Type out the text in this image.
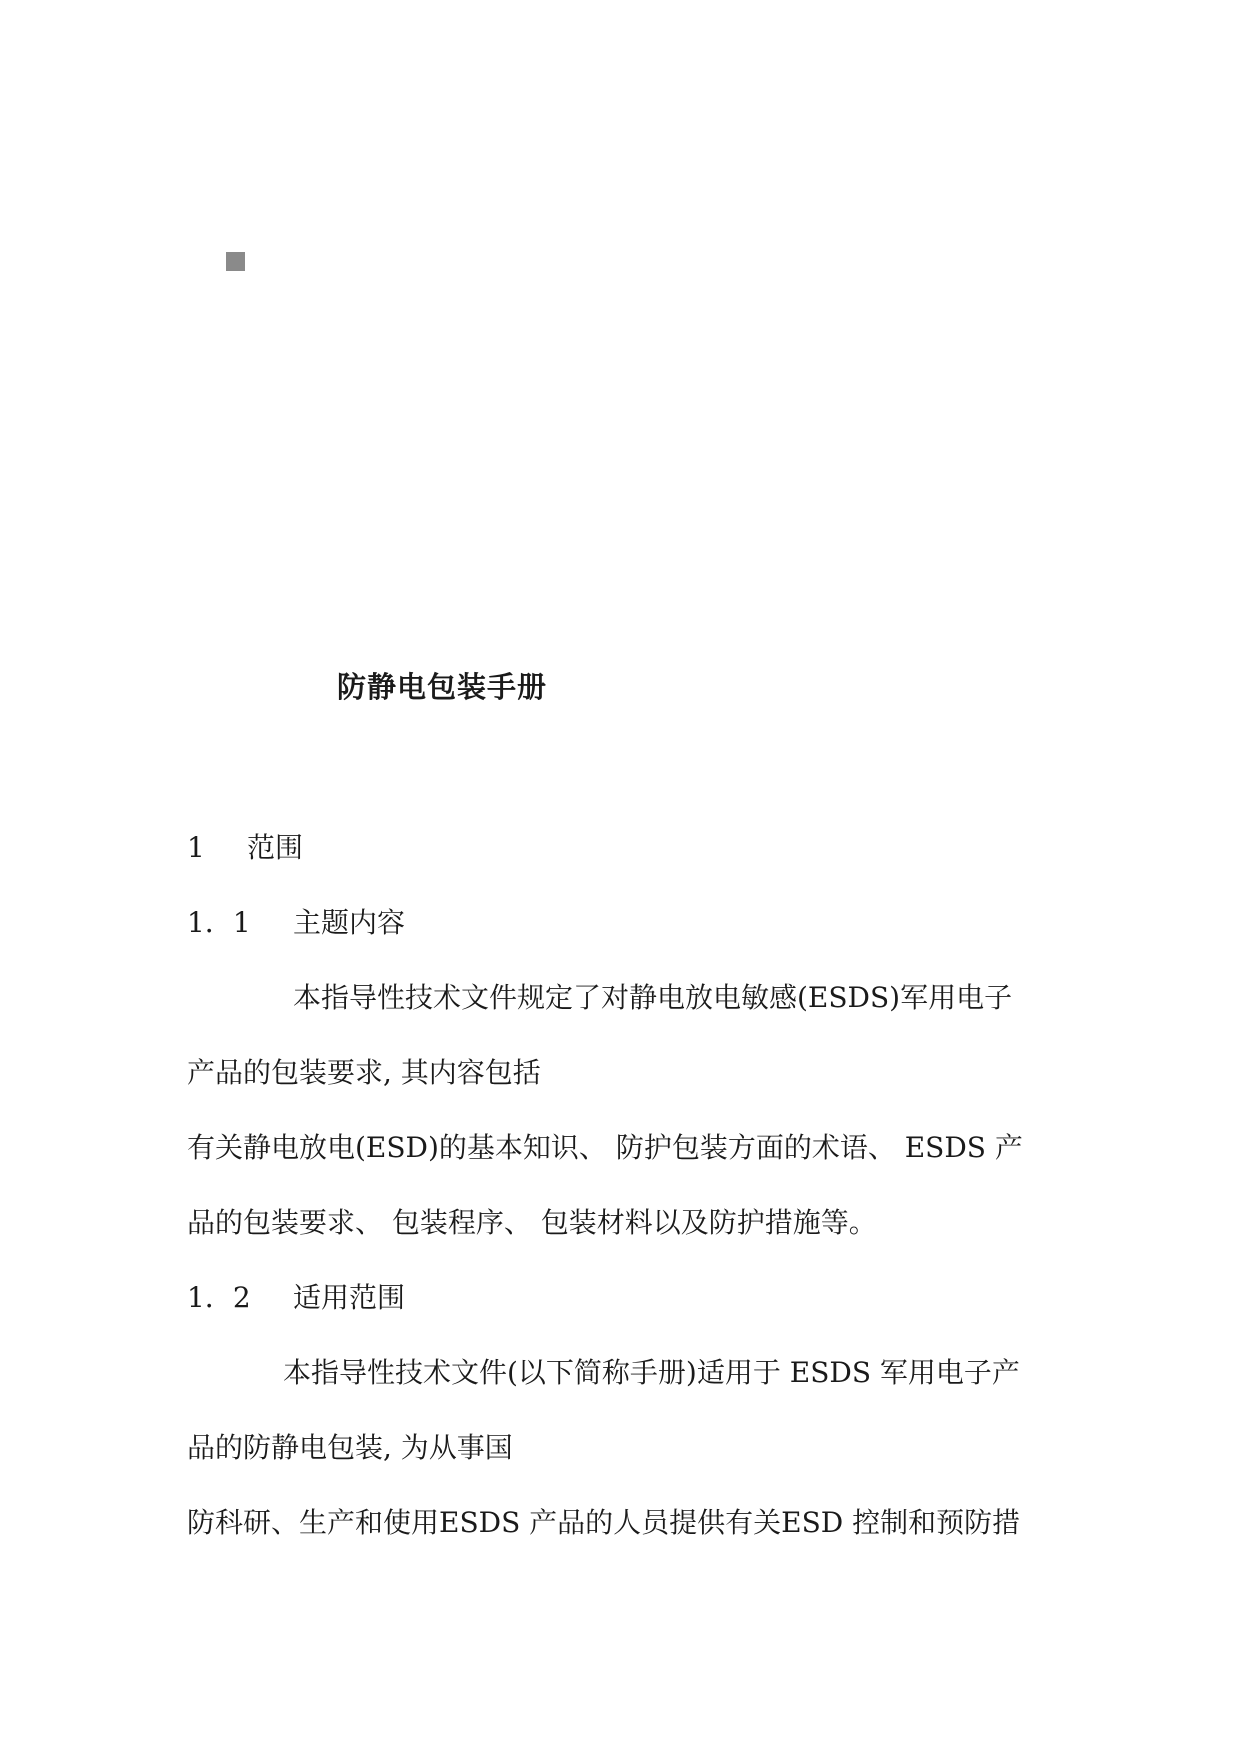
防静电包装手册
1 范围
1．1 主题内容
本指导性技术文件规定了对静电放电敏感(ESDS)军用电子
产品的包装要求, 其内容包括
有关静电放电(ESD)的基本知识、 防护包装方面的术语、 ESDS 产
品的包装要求、 包装程序、 包装材料以及防护措施等。
1．2 适用范围
本指导性技术文件(以下简称手册)适用于 ESDS 军用电子产
品的防静电包装, 为从事国
防科研、生产和使用ESDS 产品的人员提供有关ESD 控制和预防措
